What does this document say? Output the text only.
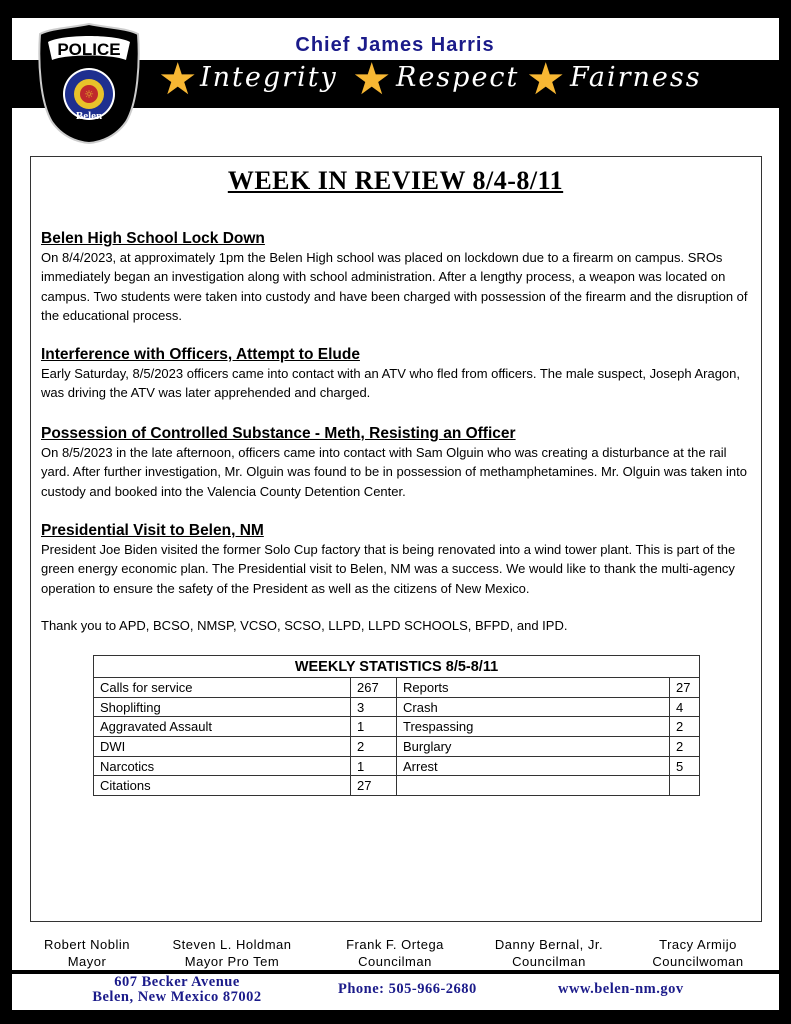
Chief James Harris
★ Integrity ★ Respect ★ Fairness
POLICE
☼
Belen
WEEK IN REVIEW 8/4-8/11
Belen High School Lock Down
On 8/4/2023, at approximately 1pm the Belen High school was placed on lockdown due to a firearm on campus. SROs immediately began an investigation along with school administration. After a lengthy process, a weapon was located on campus. Two students were taken into custody and have been charged with possession of the firearm and the disruption of the educational process.
Interference with Officers, Attempt to Elude
Early Saturday, 8/5/2023 officers came into contact with an ATV who fled from officers. The male suspect, Joseph Aragon, was driving the ATV was later apprehended and charged.
Possession of Controlled Substance - Meth, Resisting an Officer
On 8/5/2023 in the late afternoon, officers came into contact with Sam Olguin who was creating a disturbance at the rail yard. After further investigation, Mr. Olguin was found to be in possession of methamphetamines. Mr. Olguin was taken into custody and booked into the Valencia County Detention Center.
Presidential Visit to Belen, NM
President Joe Biden visited the former Solo Cup factory that is being renovated into a wind tower plant. This is part of the green energy economic plan. The Presidential visit to Belen, NM was a success. We would like to thank the multi-agency operation to ensure the safety of the President as well as the citizens of New Mexico.
Thank you to APD, BCSO, NMSP, VCSO, SCSO, LLPD, LLPD SCHOOLS, BFPD, and IPD.
WEEKLY STATISTICS 8/5-8/11			
Calls for service	267	Reports	27
Shoplifting	3	Crash	4
Aggravated Assault	1	Trespassing	2
DWI	2	Burglary	2
Narcotics	1	Arrest	5
Citations	27		
Robert Noblin
Mayor
Steven L. Holdman
Mayor Pro Tem
Frank F. Ortega
Councilman
Danny Bernal, Jr.
Councilman
Tracy Armijo
Councilwoman
607 Becker Avenue
Belen, New Mexico 87002	Phone: 505-966-2680	www.belen-nm.gov
